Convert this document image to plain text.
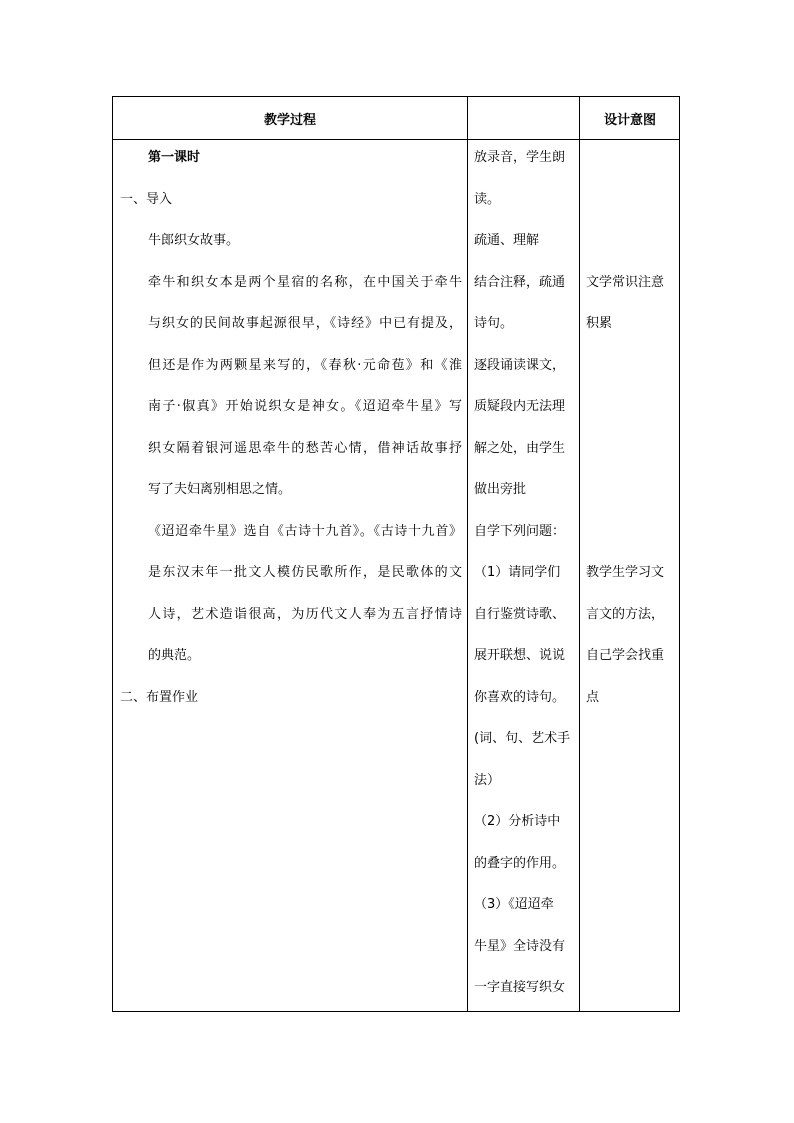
教学过程	设计意图
第一课时
一、导入
牛郎织女故事。
牵牛和织女本是两个星宿的名称，在中国关于牵牛
与织女的民间故事起源很早，《诗经》中已有提及，
但还是作为两颗星来写的，《春秋·元命苞》和《淮
南子·俶真》开始说织女是神女。《迢迢牵牛星》写
织女隔着银河遥思牵牛的愁苦心情，借神话故事抒
写了夫妇离别相思之情。
《迢迢牵牛星》选自《古诗十九首》。《古诗十九首》
是东汉末年一批文人模仿民歌所作，是民歌体的文
人诗，艺术造诣很高，为历代文人奉为五言抒情诗
的典范。
二、布置作业
放录音，学生朗
读。
疏通、理解
结合注释，疏通
诗句。
逐段诵读课文，
质疑段内无法理
解之处，由学生
做出旁批
自学下列问题：
（1）请同学们
自行鉴赏诗歌、
展开联想、说说
你喜欢的诗句。
(词、句、艺术手
法）
（2）分析诗中
的叠字的作用。
（3）《迢迢牵
牛星》全诗没有
一字直接写织女
文学常识注意
积累
教学生学习文
言文的方法，
自己学会找重
点
